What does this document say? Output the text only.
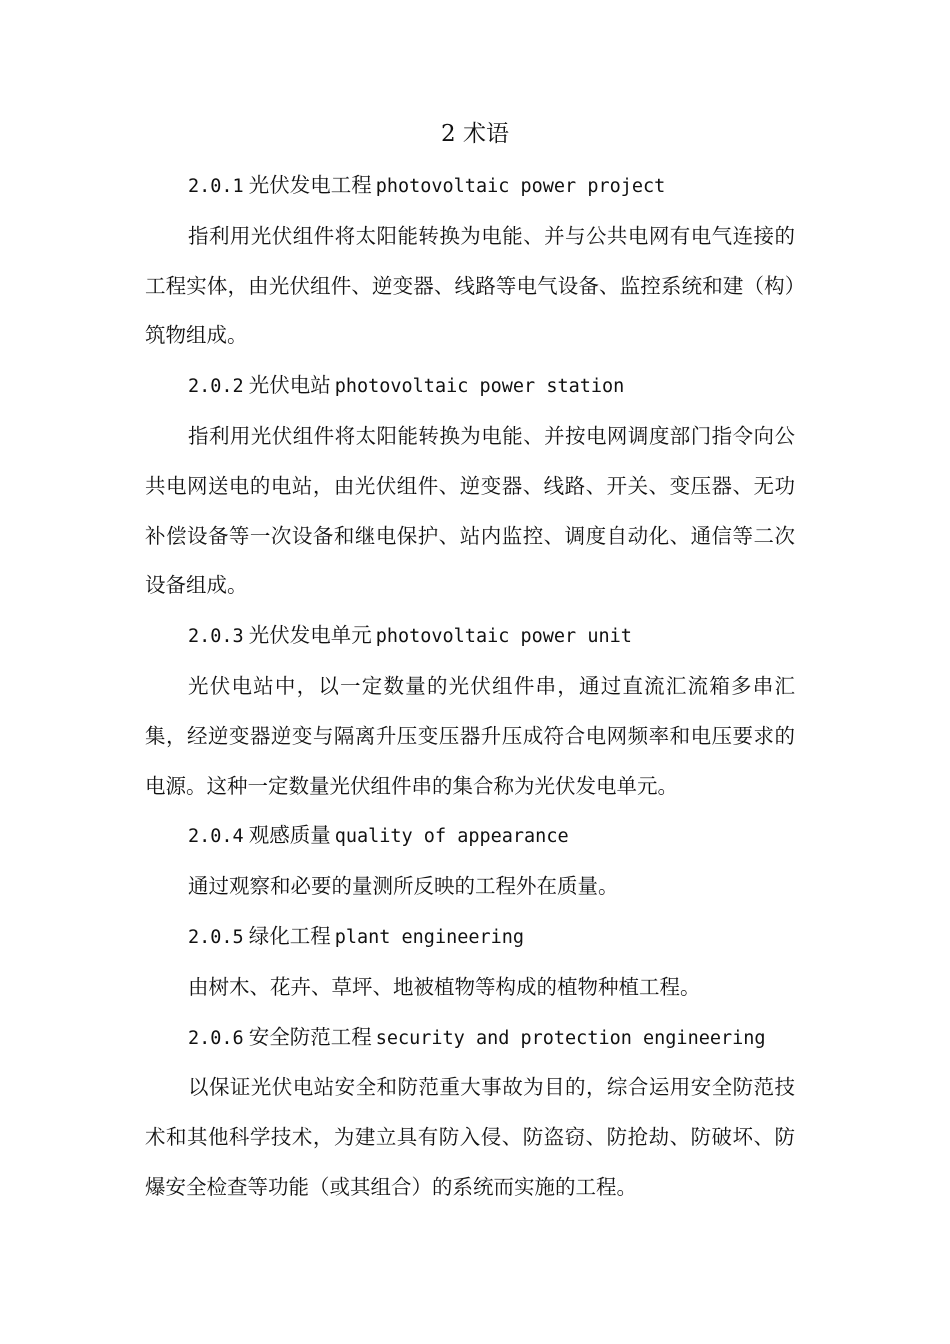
2 术语

2.0.1 光伏发电工程 photovoltaic power project

指利用光伏组件将太阳能转换为电能、并与公共电网有电气连接的工程实体，由光伏组件、逆变器、线路等电气设备、监控系统和建（构）筑物组成。

2.0.2 光伏电站 photovoltaic power station

指利用光伏组件将太阳能转换为电能、并按电网调度部门指令向公共电网送电的电站，由光伏组件、逆变器、线路、开关、变压器、无功补偿设备等一次设备和继电保护、站内监控、调度自动化、通信等二次设备组成。

2.0.3 光伏发电单元 photovoltaic power unit

光伏电站中，以一定数量的光伏组件串，通过直流汇流箱多串汇集，经逆变器逆变与隔离升压变压器升压成符合电网频率和电压要求的电源。这种一定数量光伏组件串的集合称为光伏发电单元。

2.0.4 观感质量 quality of appearance

通过观察和必要的量测所反映的工程外在质量。

2.0.5 绿化工程 plant engineering

由树木、花卉、草坪、地被植物等构成的植物种植工程。

2.0.6 安全防范工程 security and protection engineering

以保证光伏电站安全和防范重大事故为目的，综合运用安全防范技术和其他科学技术，为建立具有防入侵、防盗窃、防抢劫、防破坏、防爆安全检查等功能（或其组合）的系统而实施的工程。
